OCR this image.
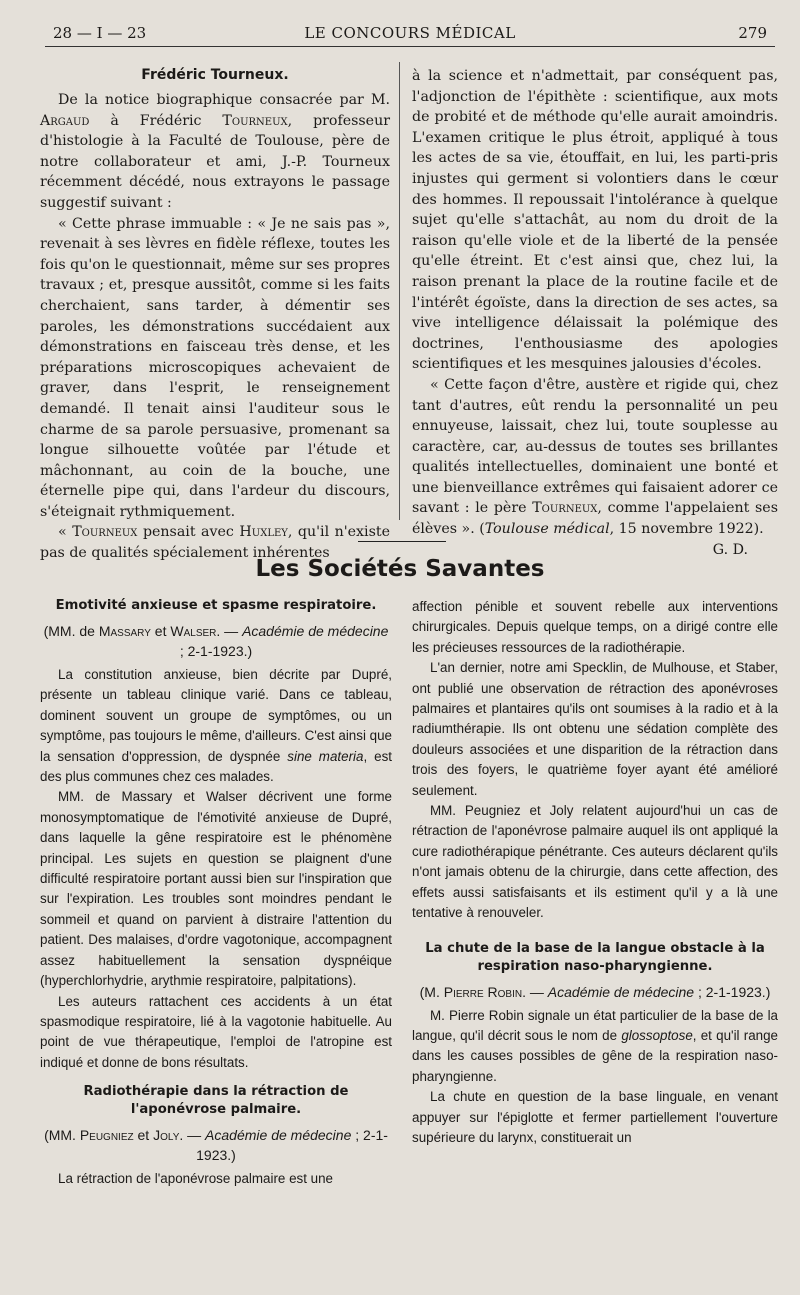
28 — I — 23	LE CONCOURS MÉDICAL	279
Frédéric Tourneux.

De la notice biographique consacrée par M. Argaud à Frédéric Tourneux, professeur d'histologie à la Faculté de Toulouse, père de notre collaborateur et ami, J.-P. Tourneux récemment décédé, nous extrayons le passage suggestif suivant :

« Cette phrase immuable : « Je ne sais pas », revenait à ses lèvres en fidèle réflexe, toutes les fois qu'on le questionnait, même sur ses propres travaux ; et, presque aussitôt, comme si les faits cherchaient, sans tarder, à démentir ses paroles, les démonstrations succédaient aux démonstrations en faisceau très dense, et les préparations microscopiques achevaient de graver, dans l'esprit, le renseignement demandé. Il tenait ainsi l'auditeur sous le charme de sa parole persuasive, promenant sa longue silhouette voûtée par l'étude et mâchonnant, au coin de la bouche, une éternelle pipe qui, dans l'ardeur du discours, s'éteignait rythmiquement.

« Tourneux pensait avec Huxley, qu'il n'existe pas de qualités spécialement inhérentes

à la science et n'admettait, par conséquent pas, l'adjonction de l'épithète : scientifique, aux mots de probité et de méthode qu'elle aurait amoindris. L'examen critique le plus étroit, appliqué à tous les actes de sa vie, étouffait, en lui, les parti-pris injustes qui germent si volontiers dans le cœur des hommes. Il repoussait l'intolérance à quelque sujet qu'elle s'attachât, au nom du droit de la raison qu'elle viole et de la liberté de la pensée qu'elle étreint. Et c'est ainsi que, chez lui, la raison prenant la place de la routine facile et de l'intérêt égoïste, dans la direction de ses actes, sa vive intelligence délaissait la polémique des doctrines, l'enthousiasme des apologies scientifiques et les mesquines jalousies d'écoles.

« Cette façon d'être, austère et rigide qui, chez tant d'autres, eût rendu la personnalité un peu ennuyeuse, laissait, chez lui, toute souplesse au caractère, car, au-dessus de toutes ses brillantes qualités intellectuelles, dominaient une bonté et une bienveillance extrêmes qui faisaient adorer ce savant : le père Tourneux, comme l'appelaient ses élèves ». (Toulouse médical, 15 novembre 1922).
G. D.

Les Sociétés Savantes
Emotivité anxieuse et spasme respiratoire.
(MM. de Massary et Walser. — Académie de médecine ; 2-1-1923.)

La constitution anxieuse, bien décrite par Dupré, présente un tableau clinique varié. Dans ce tableau, dominent souvent un groupe de symptômes, ou un symptôme, pas toujours le même, d'ailleurs. C'est ainsi que la sensation d'oppression, de dyspnée sine materia, est des plus communes chez ces malades.

MM. de Massary et Walser décrivent une forme monosymptomatique de l'émotivité anxieuse de Dupré, dans laquelle la gêne respiratoire est le phénomène principal. Les sujets en question se plaignent d'une difficulté respiratoire portant aussi bien sur l'inspiration que sur l'expiration. Les troubles sont moindres pendant le sommeil et quand on parvient à distraire l'attention du patient. Des malaises, d'ordre vagotonique, accompagnent assez habituellement la sensation dyspnéique (hyperchlorhydrie, arythmie respiratoire, palpitations).

Les auteurs rattachent ces accidents à un état spasmodique respiratoire, lié à la vagotonie habituelle. Au point de vue thérapeutique, l'emploi de l'atropine est indiqué et donne de bons résultats.

Radiothérapie dans la rétraction de l'aponévrose palmaire.
(MM. Peugniez et Joly. — Académie de médecine ; 2-1-1923.)

La rétraction de l'aponévrose palmaire est une

affection pénible et souvent rebelle aux interventions chirurgicales. Depuis quelque temps, on a dirigé contre elle les précieuses ressources de la radiothérapie.

L'an dernier, notre ami Specklin, de Mulhouse, et Staber, ont publié une observation de rétraction des aponévroses palmaires et plantaires qu'ils ont soumises à la radio et à la radiumthérapie. Ils ont obtenu une sédation complète des douleurs associées et une disparition de la rétraction dans trois des foyers, le quatrième foyer ayant été amélioré seulement.

MM. Peugniez et Joly relatent aujourd'hui un cas de rétraction de l'aponévrose palmaire auquel ils ont appliqué la cure radiothérapique pénétrante. Ces auteurs déclarent qu'ils n'ont jamais obtenu de la chirurgie, dans cette affection, des effets aussi satisfaisants et ils estiment qu'il y a là une tentative à renouveler.

La chute de la base de la langue obstacle à la respiration naso-pharyngienne.
(M. Pierre Robin. — Académie de médecine ; 2-1-1923.)

M. Pierre Robin signale un état particulier de la base de la langue, qu'il décrit sous le nom de glossoptose, et qu'il range dans les causes possibles de gêne de la respiration naso-pharyngienne.

La chute en question de la base linguale, en venant appuyer sur l'épiglotte et fermer partiellement l'ouverture supérieure du larynx, constituerait un
